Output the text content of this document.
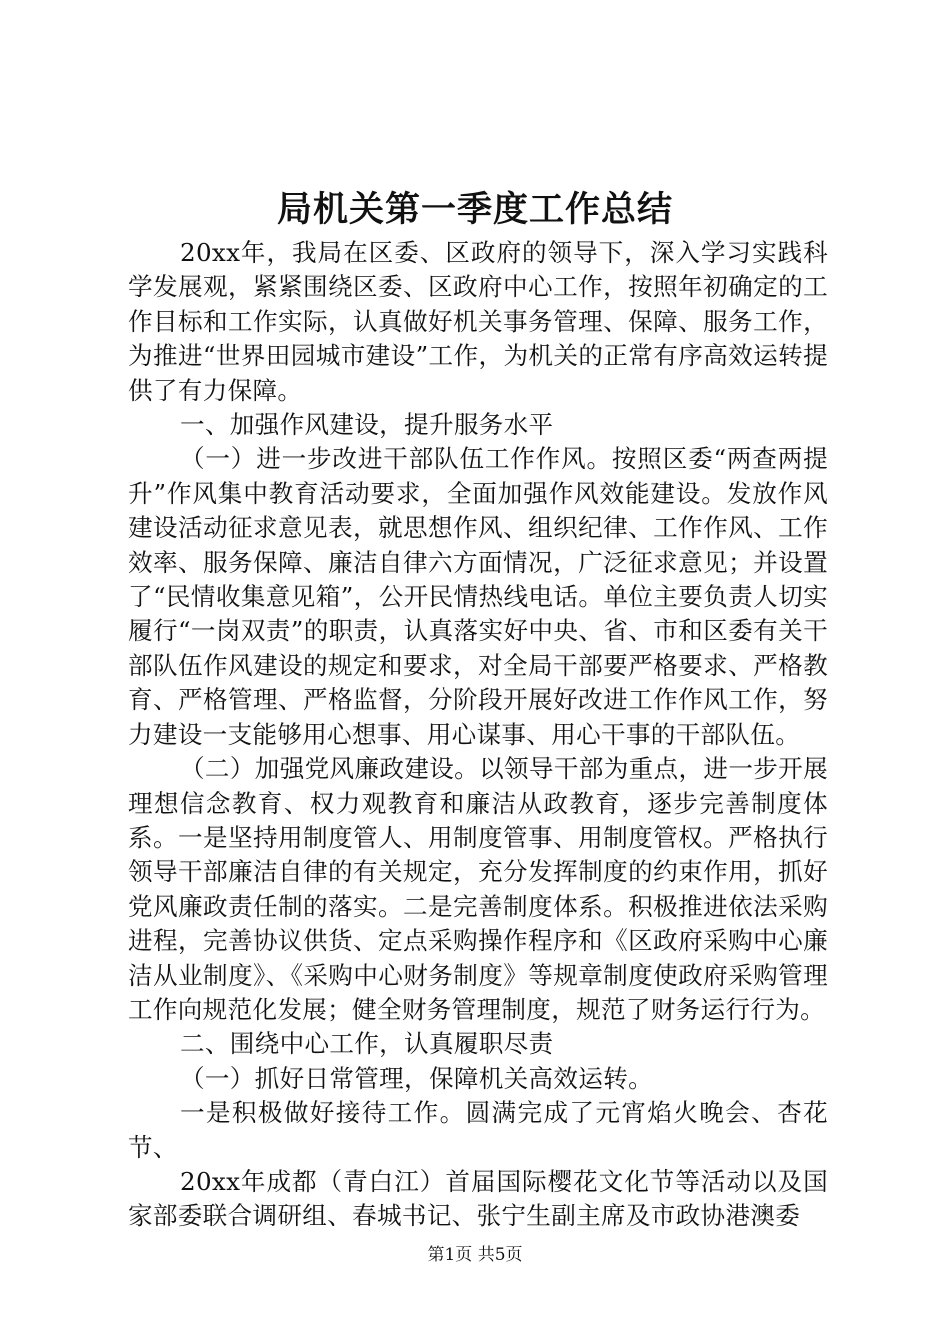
局机关第一季度工作总结

20xx年，我局在区委、区政府的领导下，深入学习实践科学发展观，紧紧围绕区委、区政府中心工作，按照年初确定的工作目标和工作实际，认真做好机关事务管理、保障、服务工作，为推进“世界田园城市建设”工作，为机关的正常有序高效运转提供了有力保障。

一、加强作风建设，提升服务水平

（一）进一步改进干部队伍工作作风。按照区委“两查两提升”作风集中教育活动要求，全面加强作风效能建设。发放作风建设活动征求意见表，就思想作风、组织纪律、工作作风、工作效率、服务保障、廉洁自律六方面情况，广泛征求意见；并设置了“民情收集意见箱”，公开民情热线电话。单位主要负责人切实履行“一岗双责”的职责，认真落实好中央、省、市和区委有关干部队伍作风建设的规定和要求，对全局干部要严格要求、严格教育、严格管理、严格监督，分阶段开展好改进工作作风工作，努力建设一支能够用心想事、用心谋事、用心干事的干部队伍。

（二）加强党风廉政建设。以领导干部为重点，进一步开展理想信念教育、权力观教育和廉洁从政教育，逐步完善制度体系。一是坚持用制度管人、用制度管事、用制度管权。严格执行领导干部廉洁自律的有关规定，充分发挥制度的约束作用，抓好党风廉政责任制的落实。二是完善制度体系。积极推进依法采购进程，完善协议供货、定点采购操作程序和《区政府采购中心廉洁从业制度》、《采购中心财务制度》等规章制度使政府采购管理工作向规范化发展；健全财务管理制度，规范了财务运行行为。

二、围绕中心工作，认真履职尽责

（一）抓好日常管理，保障机关高效运转。

一是积极做好接待工作。圆满完成了元宵焰火晚会、杏花节、

20xx年成都（青白江）首届国际樱花文化节等活动以及国家部委联合调研组、春城书记、张宁生副主席及市政协港澳委

第1页 共5页
